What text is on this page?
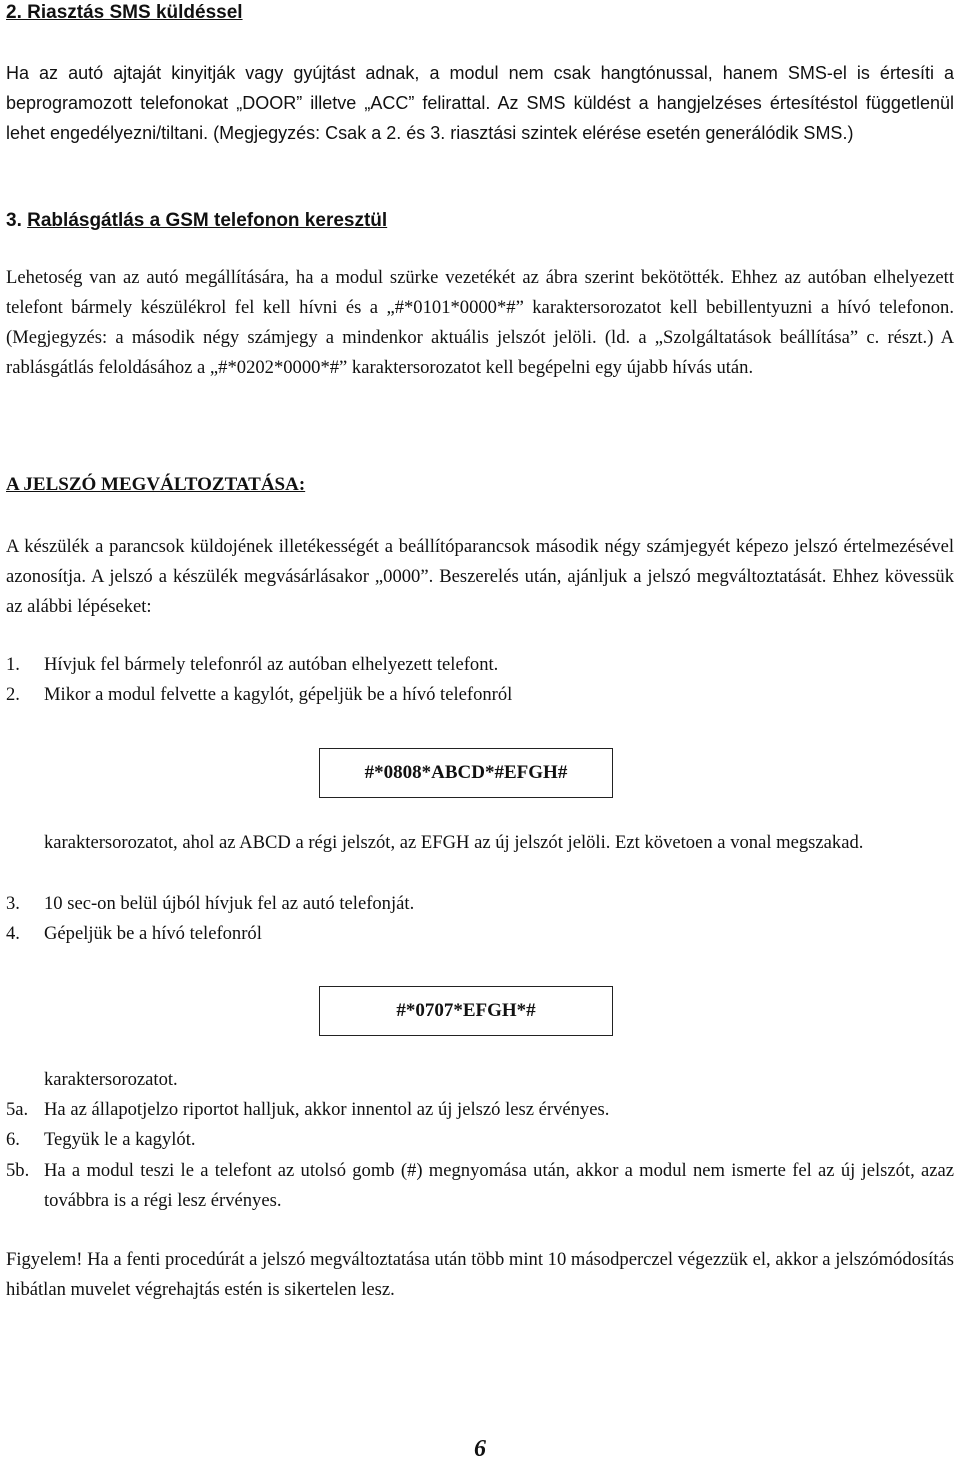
2. Riasztás SMS küldéssel
Ha az autó ajtaját kinyitják vagy gyújtást adnak, a modul nem csak hangtónussal, hanem SMS-el is értesíti a beprogramozott telefonokat „DOOR” illetve „ACC” felirattal. Az SMS küldést a hangjelzéses értesítéstol függetlenül lehet engedélyezni/tiltani. (Megjegyzés: Csak a 2. és 3. riasztási szintek elérése esetén generálódik SMS.)
3. Rablásgátlás a GSM telefonon keresztül
Lehetoség van az autó megállítására, ha a modul szürke vezetékét az ábra szerint bekötötték. Ehhez az autóban elhelyezett telefont bármely készülékrol fel kell hívni és a „#*0101*0000*#” karaktersorozatot kell bebillentyuzni a hívó telefonon. (Megjegyzés: a második négy számjegy a mindenkor aktuális jelszót jelöli. (ld. a „Szolgáltatások beállítása” c. részt.) A rablásgátlás feloldásához a „#*0202*0000*#” karaktersorozatot kell begépelni egy újabb hívás után.
A JELSZÓ MEGVÁLTOZTATÁSA:
A készülék a parancsok küldojének illetékességét a beállítóparancsok második négy számjegyét képezo jelszó értelmezésével azonosítja. A jelszó a készülék megvásárlásakor „0000”. Beszerelés után, ajánljuk a jelszó megváltoztatását. Ehhez kövessük az alábbi lépéseket:
1.	Hívjuk fel bármely telefonról az autóban elhelyezett telefont.
2.	Mikor a modul felvette a kagylót, gépeljük be a hívó telefonról
#*0808*ABCD*#EFGH#
karaktersorozatot, ahol az ABCD a régi jelszót, az EFGH az új jelszót jelöli. Ezt követoen a vonal megszakad.
3.	10 sec-on belül újból hívjuk fel az autó telefonját.
4.	Gépeljük be a hívó telefonról
#*0707*EFGH*#
karaktersorozatot.
5a. Ha az állapotjelzo riportot halljuk, akkor innentol az új jelszó lesz érvényes.
6.	Tegyük le a kagylót.
5b. Ha a modul teszi le a telefont az utolsó gomb (#) megnyomása után, akkor a modul nem ismerte fel az új jelszót, azaz továbbra is a régi lesz érvényes.
Figyelem! Ha a fenti procedúrát a jelszó megváltoztatása után több mint 10 másodperczel végezzük el, akkor a jelszómódosítás hibátlan muvelet végrehajtás estén is sikertelen lesz.
6
